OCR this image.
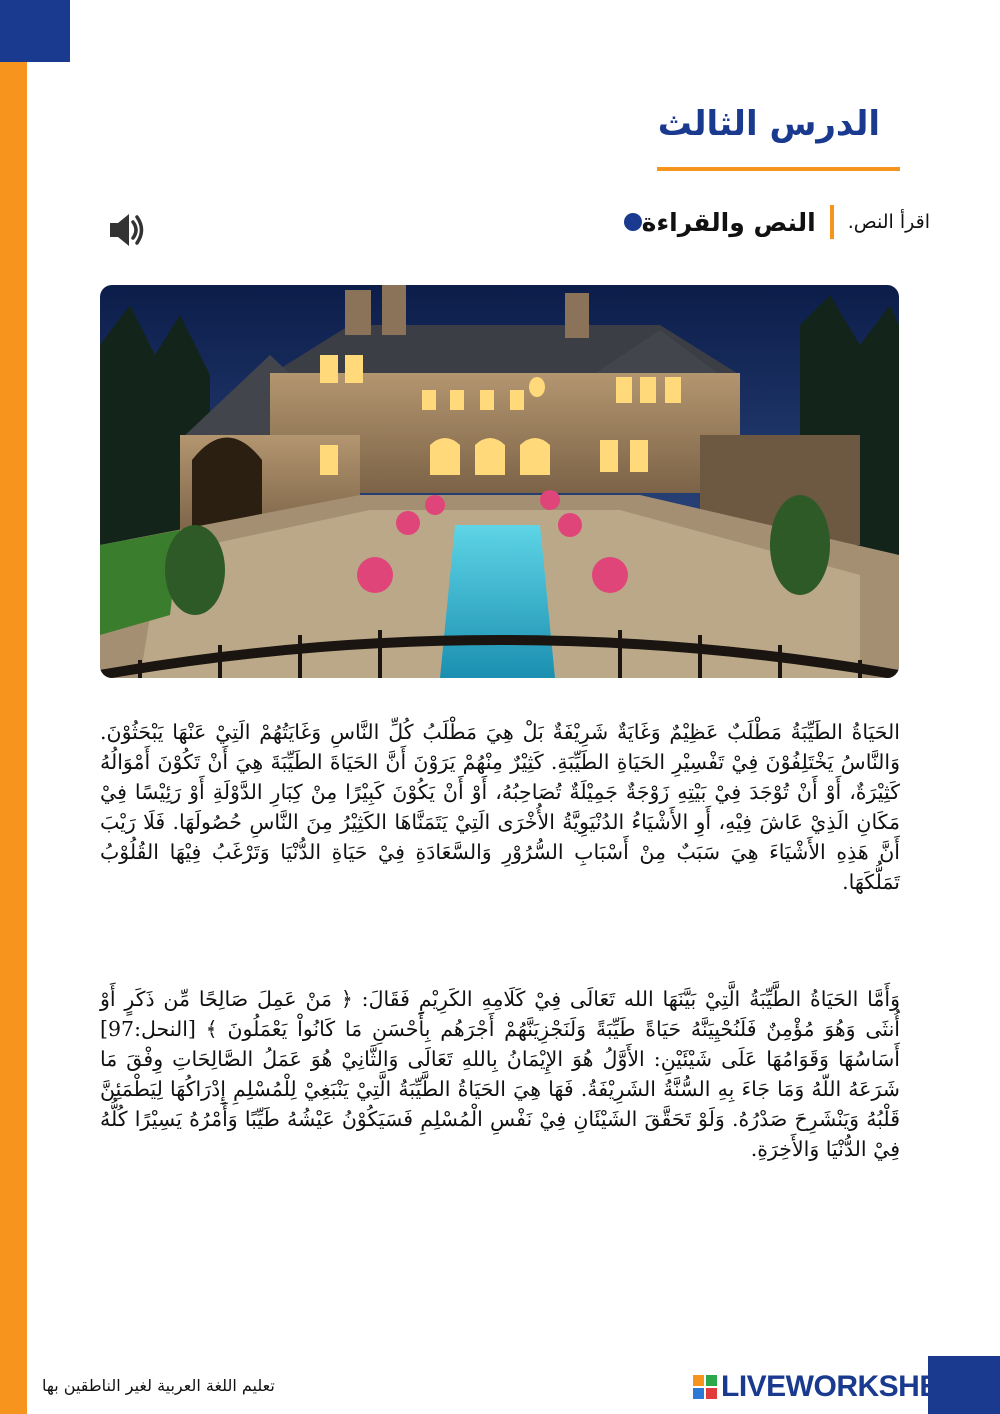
الدرس الثالث
النص والقراءة اقرأ النص.
الحَيَاةُ الطَيِّبَةُ مَطْلَبٌ عَظِيْمٌ وَغَايَةٌ شَرِيْفَةٌ بَلْ هِيَ مَطْلَبُ كُلِّ النَّاسِ وَغَايَتُهُمْ الَتِيْ عَنْهَا يَبْحَثُوْنَ. وَالنَّاسُ يَخْتَلِفُوْنَ فِيْ تَفْسِيْرِ الحَيَاةِ الطَيِّبَةِ. كَثِيْرٌ مِنْهُمْ يَرَوْنَ أَنَّ الحَيَاةَ الطَيِّبَةَ هِيَ أَنْ تَكُوْنَ أَمْوَالُهُ كَثِيْرَةٌ، أَوْ أَنْ تُوْجَدَ فِيْ بَيْتِهِ زَوْجَةٌ جَمِيْلَةٌ تُصَاحِبُهُ، أَوْ أَنْ يَكُوْنَ كَبِيْرًا مِنْ كِبَارِ الدَّوْلَةِ أَوْ رَئِيْسًا فِيْ مَكَانِ الَذِيْ عَاشَ فِيْهِ، أَوِ الأَشْيَاءُ الدُنْيَوِيَّةُ الأُخْرَى الَتِيْ يَتَمَنَّاهَا الكَثِيْرُ مِنَ النَّاسِ حُصُولَهَا. فَلَا رَيْبَ أَنَّ هَذِهِ الأَشْيَاءَ هِيَ سَبَبٌ مِنْ أَسْبَابِ السُّرُوْرِ وَالسَّعَادَةِ فِيْ حَيَاةِ الدُّنْيَا وَتَرْغَبُ فِيْهَا القُلُوْبُ تَمَلُّكَهَا.
وَأَمَّا الحَيَاةُ الطَّيِّبَةُ الَّتِيْ بَيَّنَهَا الله تَعَالَى فِيْ كَلَامِهِ الكَرِيْمِ فَقَالَ: ﴿ مَنْ عَمِلَ صَالِحًا مِّن ذَكَرٍ أَوْ أُنثَى وَهُوَ مُؤْمِنٌ فَلَنُحْيِيَنَّهُ حَيَاةً طَيِّبَةً وَلَنَجْزِيَنَّهُمْ أَجْرَهُم بِأَحْسَنِ مَا كَانُواْ يَعْمَلُونَ ﴾ [النحل:97] أَسَاسُهَا وَقَوَامُهَا عَلَى شَيْئَيْنِ: الأَوَّلُ هُوَ الإِيْمَانُ بِاللهِ تَعَالَى وَالثَّانِيْ هُوَ عَمَلُ الصَّالِحَاتِ وِفْقَ مَا شَرَعَهُ اللّهُ وَمَا جَاءَ بِهِ السُّنَّةُ الشَرِيْفَةُ. فَهَا هِيَ الحَيَاةُ الطَّيِّبَةُ الَّتِيْ يَنْبَغِيْ لِلْمُسْلِمِ إِدْرَاكُهَا لِيَطْمَئِنَّ قَلْبُهُ وَيَنْشَرِحَ صَدْرُهُ. وَلَوْ تَحَقَّقَ الشَيْئَانِ فِيْ نَفْسِ الْمُسْلِمِ فَسَيَكُوْنُ عَيْشُهُ طَيِّبًا وَأَمْرُهُ يَسِيْرًا كُلُّهُ فِيْ الدُّنْيَا وَالأَخِرَةِ.
تعليم اللغة العربية لغير الناطقين بها	LIVEWORKSHEETS
